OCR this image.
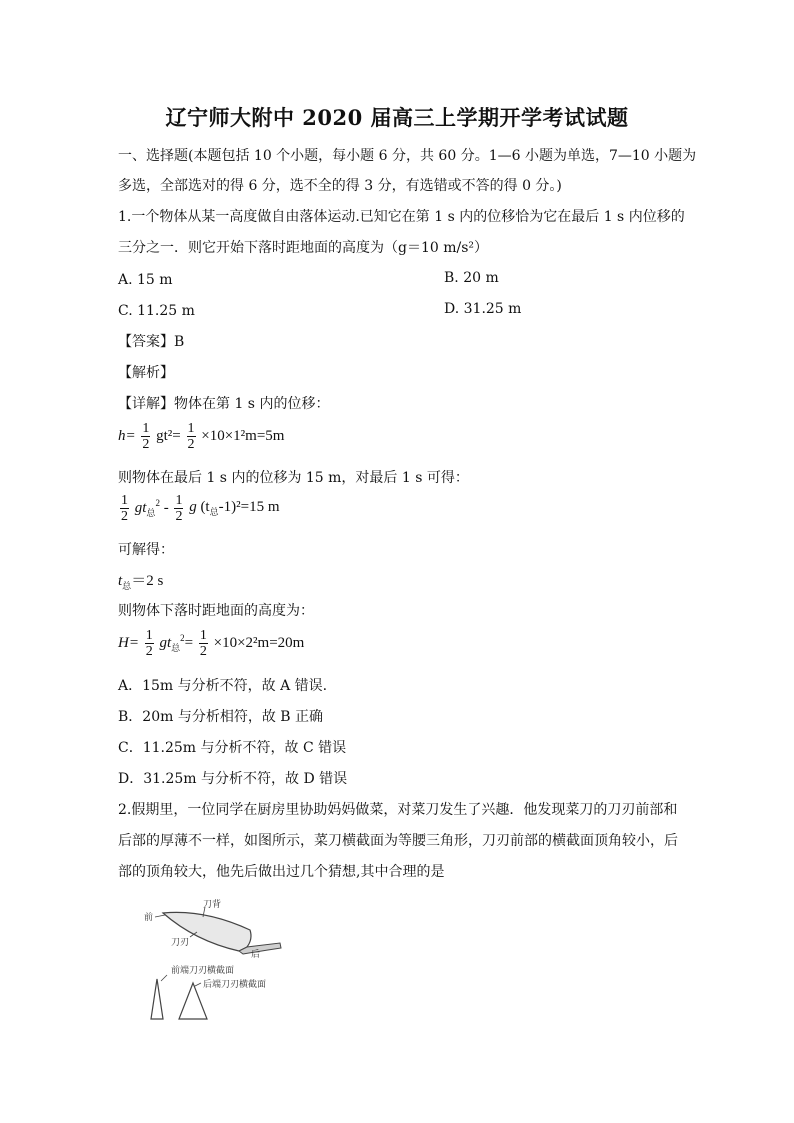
辽宁师大附中 2020 届高三上学期开学考试试题
一、选择题(本题包括 10 个小题，每小题 6 分，共 60 分。1—6 小题为单选，7—10 小题为
多选，全部选对的得 6 分，选不全的得 3 分，有选错或不答的得 0 分。)
1.一个物体从某一高度做自由落体运动.已知它在第 1 s 内的位移恰为它在最后 1 s 内位移的
三分之一．则它开始下落时距地面的高度为（g＝10 m/s²）
A. 15 m	B. 20 m
C. 11.25 m	D. 31.25 m
【答案】B
【解析】
【详解】物体在第 1 s 内的位移：
$h= \frac{1}{2} gt^2= \frac{1}{2} \times 10\times 1^2m=5m$
则物体在最后 1 s 内的位移为 15 m，对最后 1 s 可得：
$\frac{1}{2} gt_总^2 - \frac{1}{2}$ g $(t_总-1)^2=15$ m
可解得：
$t_总=2$ s
则物体下落时距地面的高度为：
$H= \frac{1}{2} gt_总^2= \frac{1}{2} \times 10\times 2^2m=20m$
A．15m 与分析不符，故 A 错误.
B．20m 与分析相符，故 B 正确
C．11.25m 与分析不符，故 C 错误
D．31.25m 与分析不符，故 D 错误
2.假期里，一位同学在厨房里协助妈妈做菜，对菜刀发生了兴趣．他发现菜刀的刀刃前部和
后部的厚薄不一样，如图所示，菜刀横截面为等腰三角形，刀刃前部的横截面顶角较小，后
部的顶角较大，他先后做出过几个猜想,其中合理的是
前
刀背
刀刃
后
前端刀刃横截面
后端刀刃横截面
